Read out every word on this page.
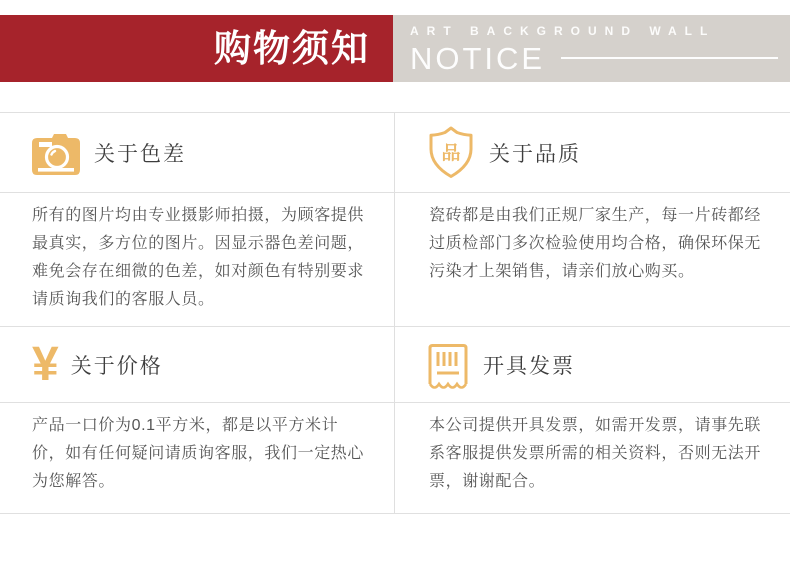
购物须知	ART BACKGROUND WALL
NOTICE
关于色差	品 关于品质

所有的图片均由专业摄影师拍摄，为顾客提供最真实，多方位的图片。因显示器色差问题，难免会存在细微的色差，如对颜色有特别要求请质询我们的客服人员。

瓷砖都是由我们正规厂家生产，每一片砖都经过质检部门多次检验使用均合格，确保环保无污染才上架销售，请亲们放心购买。

¥ 关于价格	开具发票

产品一口价为0.1平方米，都是以平方米计价，如有任何疑问请质询客服，我们一定热心为您解答。

本公司提供开具发票，如需开发票，请事先联系客服提供发票所需的相关资料，否则无法开票，谢谢配合。
